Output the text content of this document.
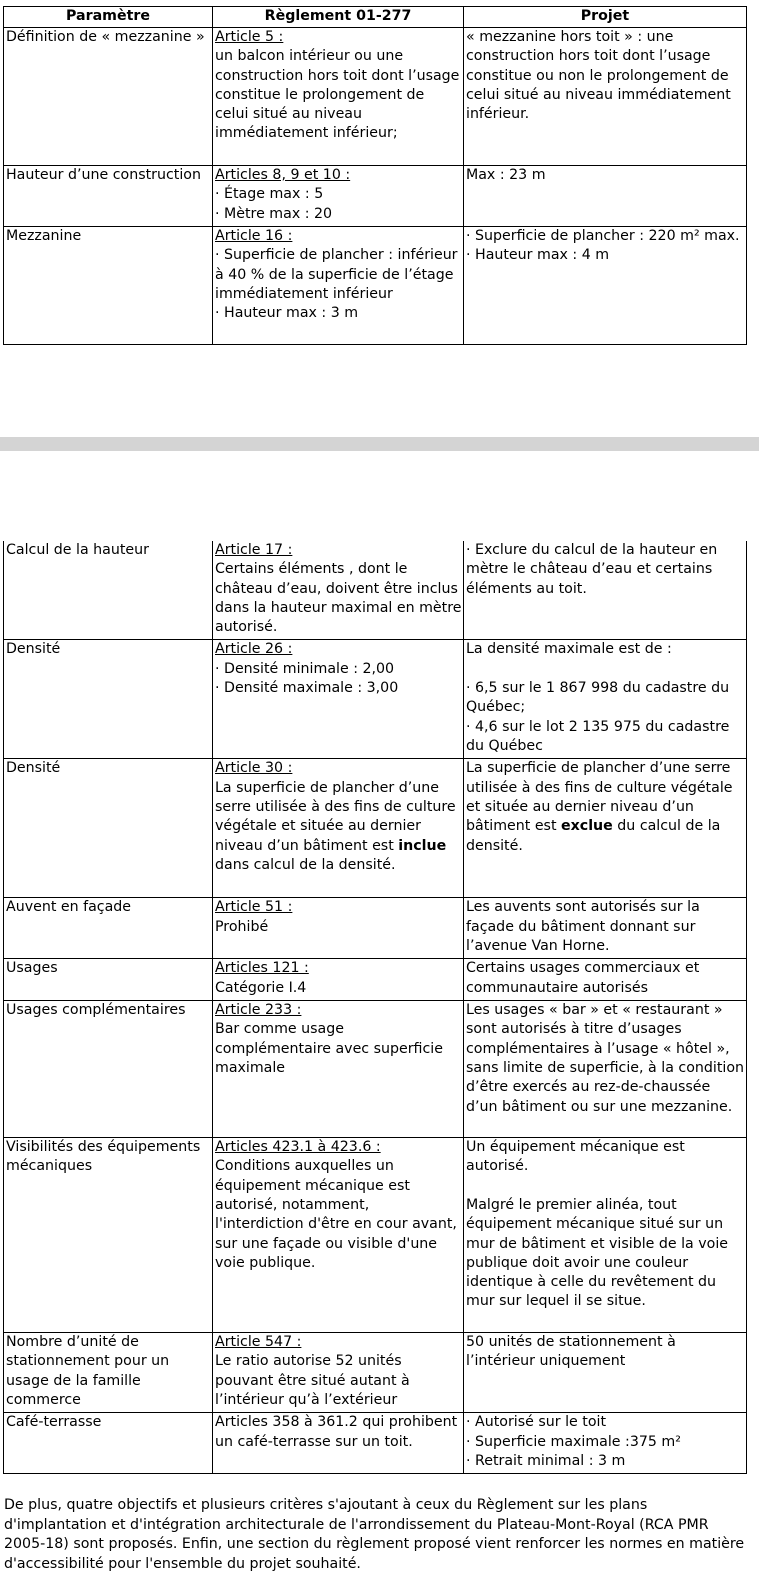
Paramètre	Règlement 01-277	Projet

Définition de « mezzanine »	Article 5 :
un balcon intérieur ou une construction hors toit dont l’usage constitue le prolongement de celui situé au niveau immédiatement inférieur;	« mezzanine hors toit » : une construction hors toit dont l’usage constitue ou non le prolongement de celui situé au niveau immédiatement inférieur.

Hauteur d’une construction	Articles 8, 9 et 10 :
· Étage max : 5
· Mètre max : 20	Max : 23 m

Mezzanine	Article 16 :
· Superficie de plancher : inférieur à 40 % de la superficie de l’étage immédiatement inférieur
· Hauteur max : 3 m	· Superficie de plancher : 220 m² max.
· Hauteur max : 4 m
Calcul de la hauteur	Article 17 :
Certains éléments , dont le château d’eau, doivent être inclus dans la hauteur maximal en mètre autorisé.	· Exclure du calcul de la hauteur en mètre le château d’eau et certains éléments au toit.

Densité	Article 26 :
· Densité minimale : 2,00
· Densité maximale : 3,00	La densité maximale est de :
· 6,5 sur le 1 867 998 du cadastre du Québec;
· 4,6 sur le lot 2 135 975 du cadastre du Québec

Densité	Article 30 :
La superficie de plancher d’une serre utilisée à des fins de culture végétale et située au dernier niveau d’un bâtiment est inclue dans calcul de la densité.	La superficie de plancher d’une serre utilisée à des fins de culture végétale et située au dernier niveau d’un bâtiment est exclue du calcul de la densité.
Auvent en façade	Article 51 :
Prohibé	Les auvents sont autorisés sur la façade du bâtiment donnant sur l’avenue Van Horne.

Usages	Articles 121 :
Catégorie I.4	Certains usages commerciaux et communautaire autorisés

Usages complémentaires	Article 233 :
Bar comme usage complémentaire avec superficie maximale	Les usages « bar » et « restaurant » sont autorisés à titre d’usages complémentaires à l’usage « hôtel », sans limite de superficie, à la condition d’être exercés au rez-de-chaussée d’un bâtiment ou sur une mezzanine.

Visibilités des équipements mécaniques	Articles 423.1 à 423.6 :
Conditions auxquelles un équipement mécanique est autorisé, notamment, l'interdiction d'être en cour avant, sur une façade ou visible d'une voie publique.	Un équipement mécanique est autorisé.
Malgré le premier alinéa, tout équipement mécanique situé sur un mur de bâtiment et visible de la voie publique doit avoir une couleur identique à celle du revêtement du mur sur lequel il se situe.

Nombre d’unité de stationnement pour un usage de la famille commerce	Article 547 :
Le ratio autorise 52 unités pouvant être situé autant à l’intérieur qu’à l’extérieur	50 unités de stationnement à l’intérieur uniquement

Café-terrasse	Articles 358 à 361.2 qui prohibent un café-terrasse sur un toit.	· Autorisé sur le toit
· Superficie maximale :375 m²
· Retrait minimal : 3 m

De plus, quatre objectifs et plusieurs critères s'ajoutant à ceux du Règlement sur les plans d'implantation et d'intégration architecturale de l'arrondissement du Plateau-Mont-Royal (RCA PMR 2005-18) sont proposés. Enfin, une section du règlement proposé vient renforcer les normes en matière d'accessibilité pour l'ensemble du projet souhaité.
